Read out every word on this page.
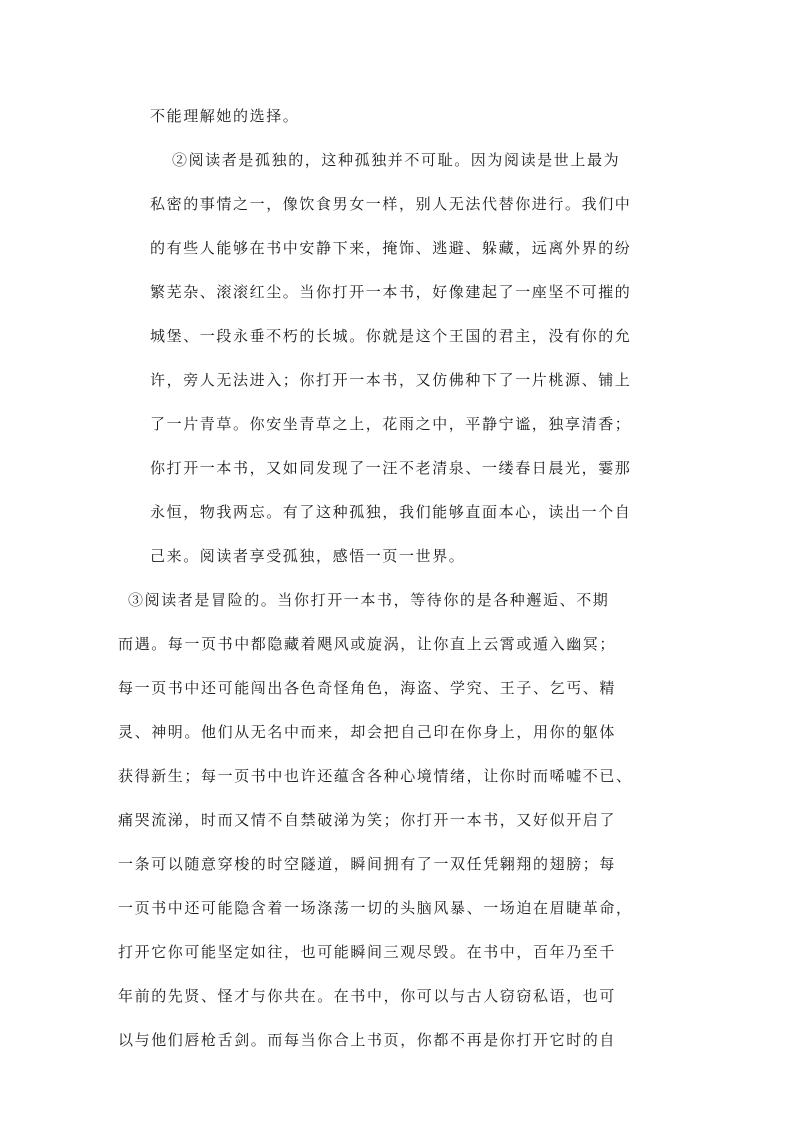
不能理解她的选择。
②阅读者是孤独的，这种孤独并不可耻。因为阅读是世上最为
私密的事情之一，像饮食男女一样，别人无法代替你进行。我们中
的有些人能够在书中安静下来，掩饰、逃避、躲藏，远离外界的纷
繁芜杂、滚滚红尘。当你打开一本书，好像建起了一座坚不可摧的
城堡、一段永垂不朽的长城。你就是这个王国的君主，没有你的允
许，旁人无法进入；你打开一本书，又仿佛种下了一片桃源、铺上
了一片青草。你安坐青草之上，花雨之中，平静宁谧，独享清香；
你打开一本书，又如同发现了一汪不老清泉、一缕春日晨光，霎那
永恒，物我两忘。有了这种孤独，我们能够直面本心，读出一个自
己来。阅读者享受孤独，感悟一页一世界。
③阅读者是冒险的。当你打开一本书，等待你的是各种邂逅、不期
而遇。每一页书中都隐藏着飓风或旋涡，让你直上云霄或遁入幽冥；
每一页书中还可能闯出各色奇怪角色，海盗、学究、王子、乞丐、精
灵、神明。他们从无名中而来，却会把自己印在你身上，用你的躯体
获得新生；每一页书中也许还蕴含各种心境情绪，让你时而唏嘘不已、
痛哭流涕，时而又情不自禁破涕为笑；你打开一本书，又好似开启了
一条可以随意穿梭的时空隧道，瞬间拥有了一双任凭翱翔的翅膀；每
一页书中还可能隐含着一场涤荡一切的头脑风暴、一场迫在眉睫革命，
打开它你可能坚定如往，也可能瞬间三观尽毁。在书中，百年乃至千
年前的先贤、怪才与你共在。在书中，你可以与古人窃窃私语，也可
以与他们唇枪舌剑。而每当你合上书页，你都不再是你打开它时的自
